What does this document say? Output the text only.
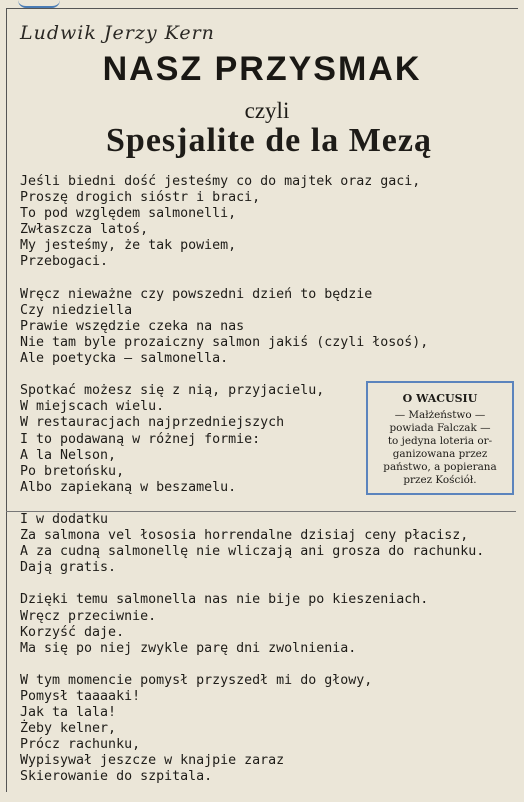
Ludwik Jerzy Kern
NASZ PRZYSMAK
czyli
Spesjalite de la Mezą
Jeśli biedni dość jesteśmy co do majtek oraz gaci,
Proszę drogich sióstr i braci,
To pod względem salmonelli,
Zwłaszcza latoś,
My jesteśmy, że tak powiem,
Przebogaci.
Wręcz nieważne czy powszedni dzień to będzie
Czy niedziella
Prawie wszędzie czeka na nas
Nie tam byle prozaiczny salmon jakiś (czyli łosoś),
Ale poetycka — salmonella.
Spotkać możesz się z nią, przyjacielu,
W miejscach wielu.
W restauracjach najprzedniejszych
I to podawaną w różnej formie:
A la Nelson,
Po bretońsku,
Albo zapiekaną w beszamelu.
I w dodatku
Za salmona vel łososia horrendalne dzisiaj ceny płacisz,
A za cudną salmonellę nie wliczają ani grosza do rachunku.
Dają gratis.
Dzięki temu salmonella nas nie bije po kieszeniach.
Wręcz przeciwnie.
Korzyść daje.
Ma się po niej zwykle parę dni zwolnienia.
W tym momencie pomysł przyszedł mi do głowy,
Pomysł taaaaki!
Jak ta lala!
Żeby kelner,
Prócz rachunku,
Wypisywał jeszcze w knajpie zaraz
Skierowanie do szpitala.
O WACUSIU
— Małżeństwo —
powiada Falczak —
to jedyna loteria or-
ganizowana przez
państwo, a popierana
przez Kościół.
